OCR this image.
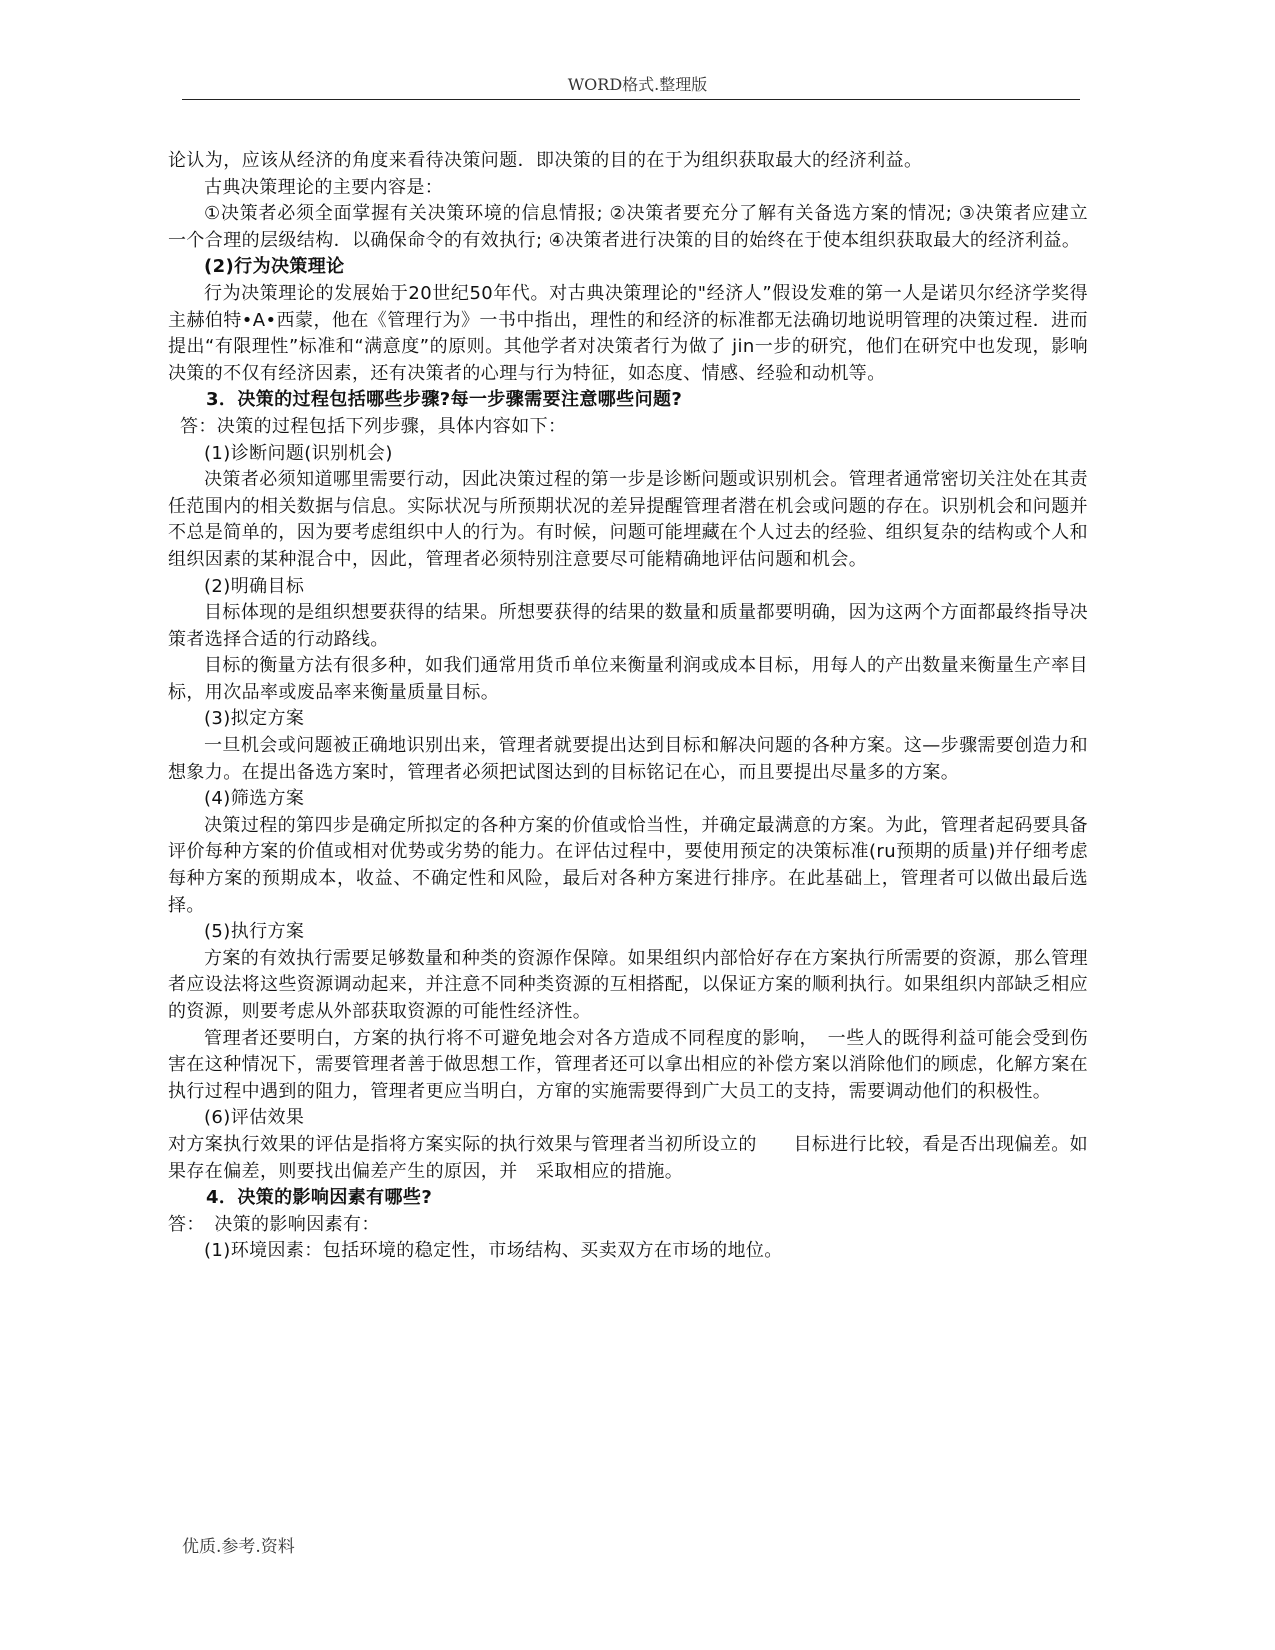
WORD格式.整理版

论认为，应该从经济的角度来看待决策问题．即决策的目的在于为组织获取最大的经济利益。

古典决策理论的主要内容是：

①决策者必须全面掌握有关决策环境的信息情报; ②决策者要充分了解有关备选方案的情况; ③决策者应建立一个合理的层级结构．以确保命令的有效执行; ④决策者进行决策的目的始终在于使本组织获取最大的经济利益。

(2)行为决策理论

行为决策理论的发展始于20世纪50年代。对古典决策理论的"经济人”假设发难的第一人是诺贝尔经济学奖得主赫伯特•A•西蒙，他在《管理行为》一书中指出，理性的和经济的标准都无法确切地说明管理的决策过程．进而提出“有限理性”标准和“满意度”的原则。其他学者对决策者行为做了 jin一步的研究，他们在研究中也发现，影响决策的不仅有经济因素，还有决策者的心理与行为特征，如态度、情感、经验和动机等。

3．决策的过程包括哪些步骤?每一步骤需要注意哪些问题?

答：决策的过程包括下列步骤，具体内容如下：

(1)诊断问题(识别机会)

决策者必须知道哪里需要行动，因此决策过程的第一步是诊断问题或识别机会。管理者通常密切关注处在其责任范围内的相关数据与信息。实际状况与所预期状况的差异提醒管理者潜在机会或问题的存在。识别机会和问题并不总是简单的，因为要考虑组织中人的行为。有时候，问题可能埋藏在个人过去的经验、组织复杂的结构或个人和组织因素的某种混合中，因此，管理者必须特别注意要尽可能精确地评估问题和机会。

(2)明确目标

目标体现的是组织想要获得的结果。所想要获得的结果的数量和质量都要明确，因为这两个方面都最终指导决策者选择合适的行动路线。

目标的衡量方法有很多种，如我们通常用货币单位来衡量利润或成本目标，用每人的产出数量来衡量生产率目标，用次品率或废品率来衡量质量目标。

(3)拟定方案

一旦机会或问题被正确地识别出来，管理者就要提出达到目标和解决问题的各种方案。这—步骤需要创造力和想象力。在提出备选方案时，管理者必须把试图达到的目标铭记在心，而且要提出尽量多的方案。

(4)筛选方案

决策过程的第四步是确定所拟定的各种方案的价值或恰当性，并确定最满意的方案。为此，管理者起码要具备评价每种方案的价值或相对优势或劣势的能力。在评估过程中，要使用预定的决策标准(ru预期的质量)并仔细考虑每种方案的预期成本，收益、不确定性和风险，最后对各种方案进行排序。在此基础上，管理者可以做出最后选择。

(5)执行方案

方案的有效执行需要足够数量和种类的资源作保障。如果组织内部恰好存在方案执行所需要的资源，那么管理者应设法将这些资源调动起来，并注意不同种类资源的互相搭配，以保证方案的顺利执行。如果组织内部缺乏相应的资源，则要考虑从外部获取资源的可能性经济性。

管理者还要明白，方案的执行将不可避免地会对各方造成不同程度的影响，　一些人的既得利益可能会受到伤害在这种情况下，需要管理者善于做思想工作，管理者还可以拿出相应的补偿方案以消除他们的顾虑，化解方案在执行过程中遇到的阻力，管理者更应当明白，方窜的实施需要得到广大员工的支持，需要调动他们的积极性。

(6)评估效果

对方案执行效果的评估是指将方案实际的执行效果与管理者当初所设立的　　目标进行比较，看是否出现偏差。如果存在偏差，则要找出偏差产生的原因，并　采取相应的措施。

4．决策的影响因素有哪些?

答：　决策的影响因素有：

(1)环境因素：包括环境的稳定性，市场结构、买卖双方在市场的地位。

优质.参考.资料
